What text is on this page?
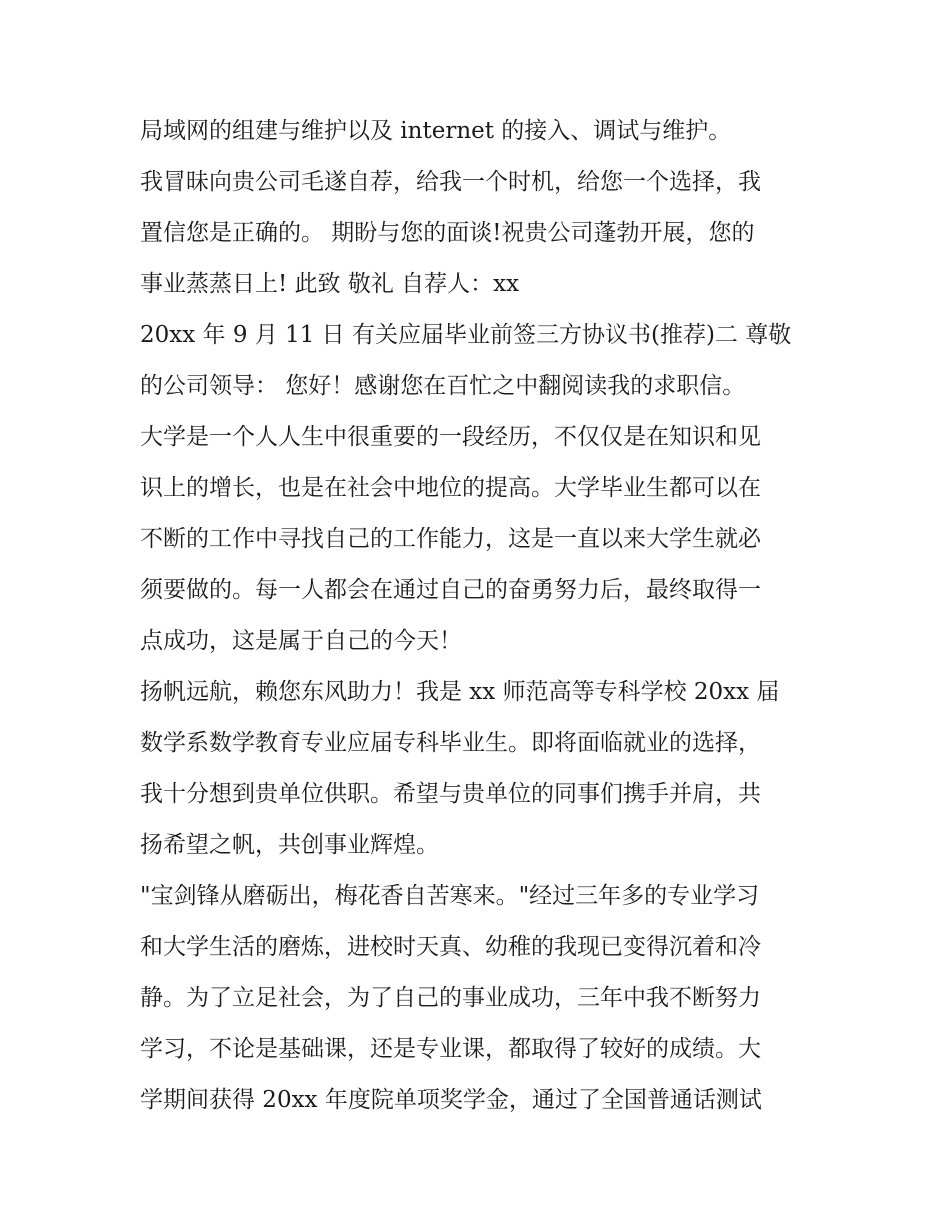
局域网的组建与维护以及 internet 的接入、调试与维护。
我冒昧向贵公司毛遂自荐，给我一个时机，给您一个选择，我
置信您是正确的。 期盼与您的面谈!祝贵公司蓬勃开展，您的
事业蒸蒸日上! 此致 敬礼 自荐人：xx
20xx 年 9 月 11 日 有关应届毕业前签三方协议书(推荐)二 尊敬
的公司领导： 您好！感谢您在百忙之中翻阅读我的求职信。
大学是一个人人生中很重要的一段经历，不仅仅是在知识和见
识上的增长，也是在社会中地位的提高。大学毕业生都可以在
不断的工作中寻找自己的工作能力，这是一直以来大学生就必
须要做的。每一人都会在通过自己的奋勇努力后，最终取得一
点成功，这是属于自己的今天！
扬帆远航，赖您东风助力！我是 xx 师范高等专科学校 20xx 届
数学系数学教育专业应届专科毕业生。即将面临就业的选择，
我十分想到贵单位供职。希望与贵单位的同事们携手并肩，共
扬希望之帆，共创事业辉煌。
"宝剑锋从磨砺出，梅花香自苦寒来。"经过三年多的专业学习
和大学生活的磨炼，进校时天真、幼稚的我现已变得沉着和冷
静。为了立足社会，为了自己的事业成功，三年中我不断努力
学习，不论是基础课，还是专业课，都取得了较好的成绩。大
学期间获得 20xx 年度院单项奖学金，通过了全国普通话测试
